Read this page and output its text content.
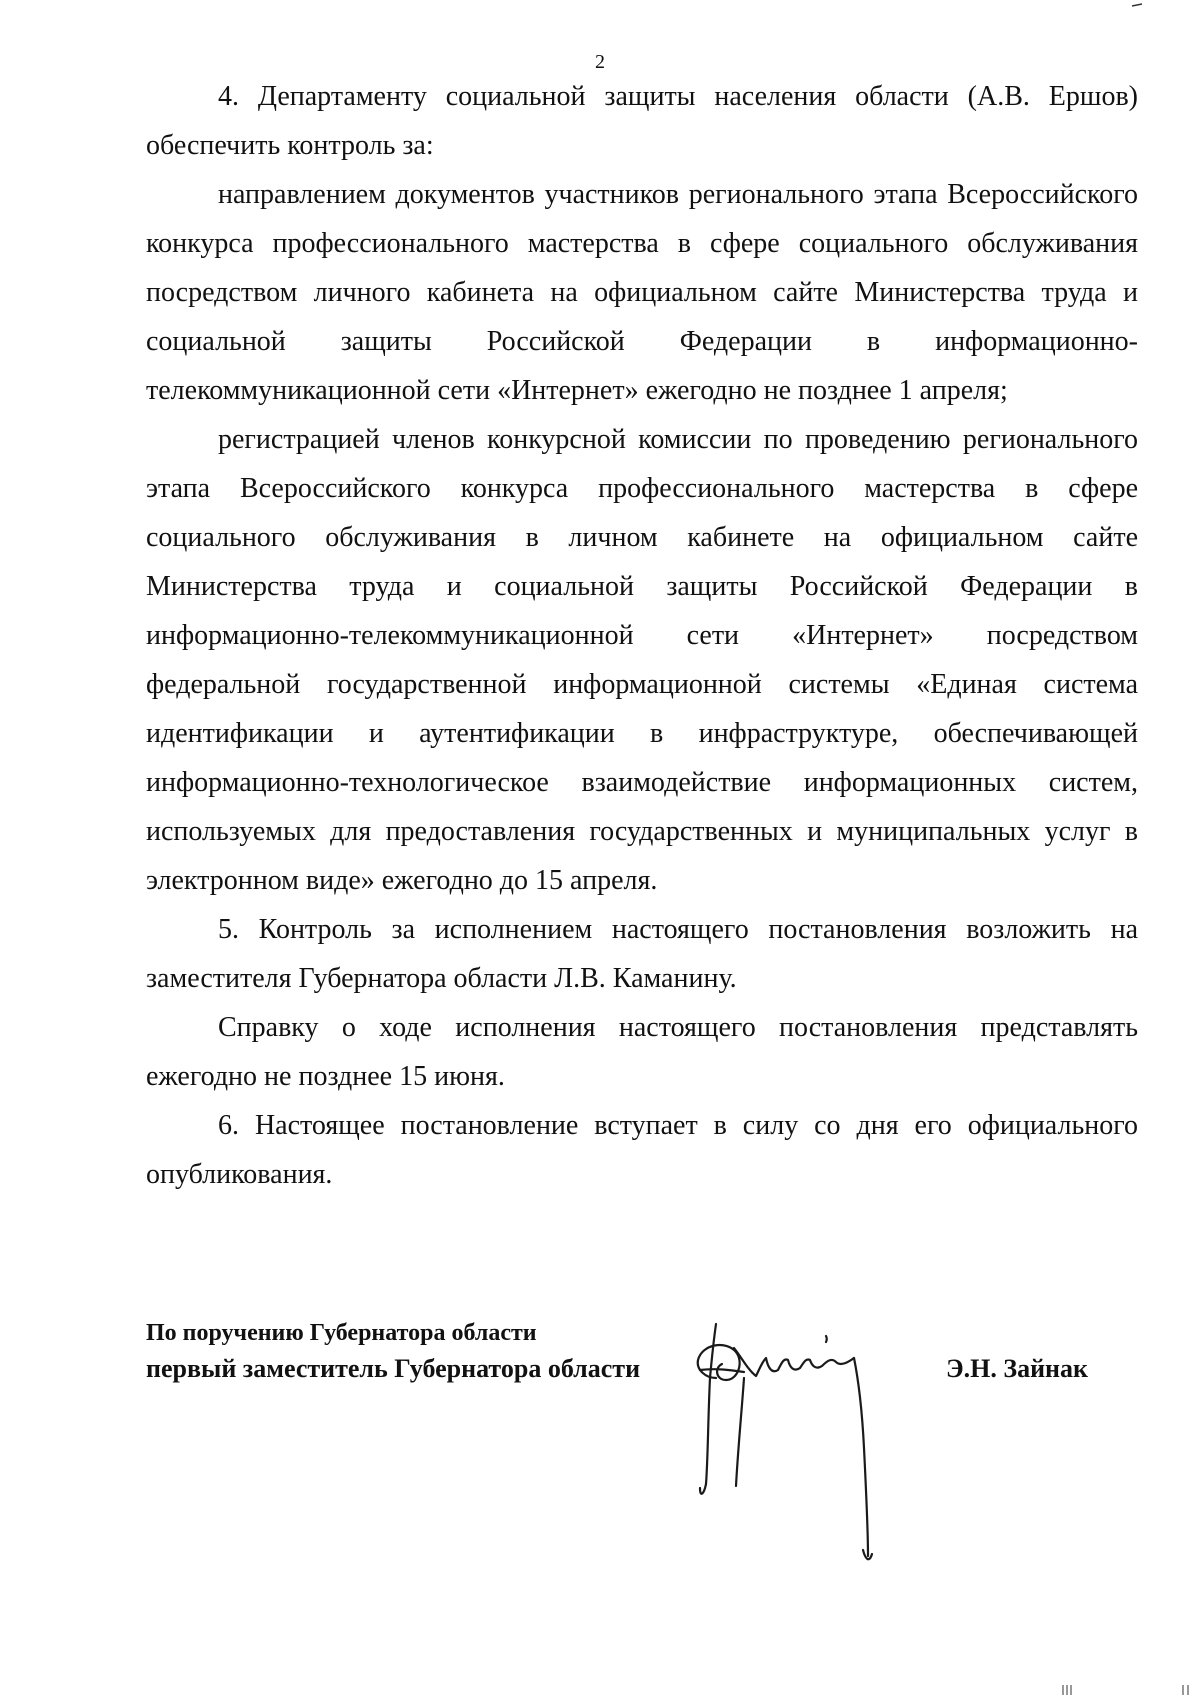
2

4. Департаменту социальной защиты населения области (А.В. Ершов) обеспечить контроль за:

направлением документов участников регионального этапа Всероссийского конкурса профессионального мастерства в сфере социального обслуживания посредством личного кабинета на официальном сайте Министерства труда и социальной защиты Российской Федерации в информационно-телекоммуникационной сети «Интернет» ежегодно не позднее 1 апреля;

регистрацией членов конкурсной комиссии по проведению регионального этапа Всероссийского конкурса профессионального мастерства в сфере социального обслуживания в личном кабинете на официальном сайте Министерства труда и социальной защиты Российской Федерации в информационно-телекоммуникационной сети «Интернет» посредством федеральной государственной информационной системы «Единая система идентификации и аутентификации в инфраструктуре, обеспечивающей информационно-технологическое взаимодействие информационных систем, используемых для предоставления государственных и муниципальных услуг в электронном виде» ежегодно до 15 апреля.

5. Контроль за исполнением настоящего постановления возложить на заместителя Губернатора области Л.В. Каманину.

Справку о ходе исполнения настоящего постановления представлять ежегодно не позднее 15 июня.

6. Настоящее постановление вступает в силу со дня его официального опубликования.

По поручению Губернатора области
первый заместитель Губернатора области	Э.Н. Зайнак
